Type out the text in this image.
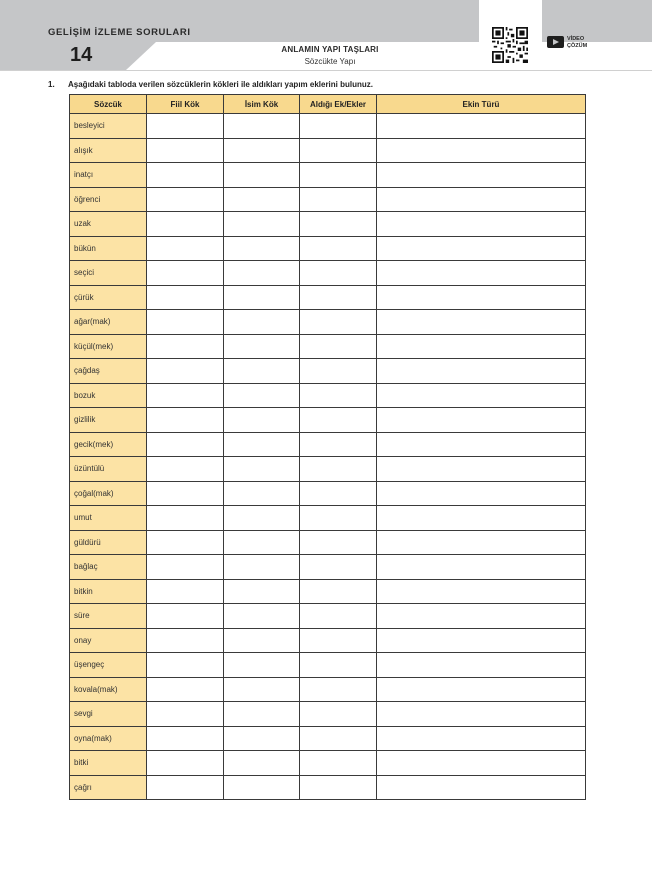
GELİŞİM İZLEME SORULARI
14	ANLAMIN YAPI TAŞLARI
Sözcükte Yapı
VİDEO
ÇÖZÜM
1. Aşağıdaki tabloda verilen sözcüklerin kökleri ile aldıkları yapım eklerini bulunuz.
Sözcük	Fiil Kök	İsim Kök	Aldığı Ek/Ekler	Ekin Türü
besleyici				
alışık				
inatçı				
öğrenci				
uzak				
bükün				
seçici				
çürük				
ağar(mak)				
küçül(mek)				
çağdaş				
bozuk				
gizlilik				
gecik(mek)				
üzüntülü				
çoğal(mak)				
umut				
güldürü				
bağlaç				
bitkin				
süre				
onay				
üşengeç				
kovala(mak)				
sevgi				
oyna(mak)				
bitki				
çağrı				
